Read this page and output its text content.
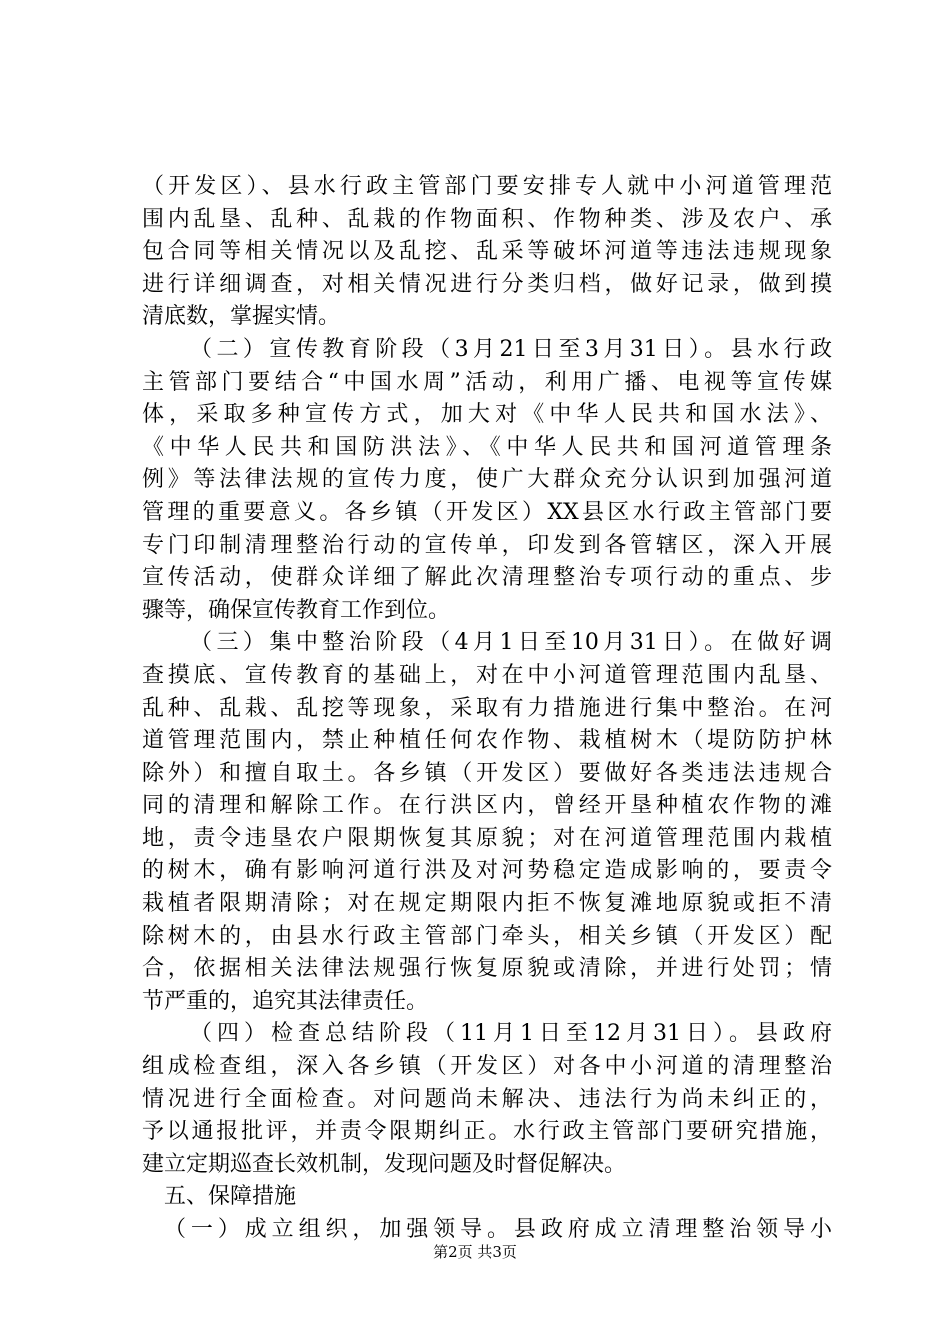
（开发区）、县水行政主管部门要安排专人就中小河道管理范
围内乱垦、乱种、乱栽的作物面积、作物种类、涉及农户、承
包合同等相关情况以及乱挖、乱采等破坏河道等违法违规现象
进行详细调查，对相关情况进行分类归档，做好记录，做到摸
清底数，掌握实情。
（二）宣传教育阶段（3月21日至3月31日）。县水行政
主管部门要结合“中国水周”活动，利用广播、电视等宣传媒
体，采取多种宣传方式，加大对《中华人民共和国水法》、
《中华人民共和国防洪法》、《中华人民共和国河道管理条
例》等法律法规的宣传力度，使广大群众充分认识到加强河道
管理的重要意义。各乡镇（开发区）XX县区水行政主管部门要
专门印制清理整治行动的宣传单，印发到各管辖区，深入开展
宣传活动，使群众详细了解此次清理整治专项行动的重点、步
骤等，确保宣传教育工作到位。
（三）集中整治阶段（4月1日至10月31日）。在做好调
查摸底、宣传教育的基础上，对在中小河道管理范围内乱垦、
乱种、乱栽、乱挖等现象，采取有力措施进行集中整治。在河
道管理范围内，禁止种植任何农作物、栽植树木（堤防防护林
除外）和擅自取土。各乡镇（开发区）要做好各类违法违规合
同的清理和解除工作。在行洪区内，曾经开垦种植农作物的滩
地，责令违垦农户限期恢复其原貌；对在河道管理范围内栽植
的树木，确有影响河道行洪及对河势稳定造成影响的，要责令
栽植者限期清除；对在规定期限内拒不恢复滩地原貌或拒不清
除树木的，由县水行政主管部门牵头，相关乡镇（开发区）配
合，依据相关法律法规强行恢复原貌或清除，并进行处罚；情
节严重的，追究其法律责任。
（四）检查总结阶段（11月1日至12月31日）。县政府
组成检查组，深入各乡镇（开发区）对各中小河道的清理整治
情况进行全面检查。对问题尚未解决、违法行为尚未纠正的，
予以通报批评，并责令限期纠正。水行政主管部门要研究措施，
建立定期巡查长效机制，发现问题及时督促解决。
五、保障措施
（一）成立组织，加强领导。县政府成立清理整治领导小
第2页 共3页
